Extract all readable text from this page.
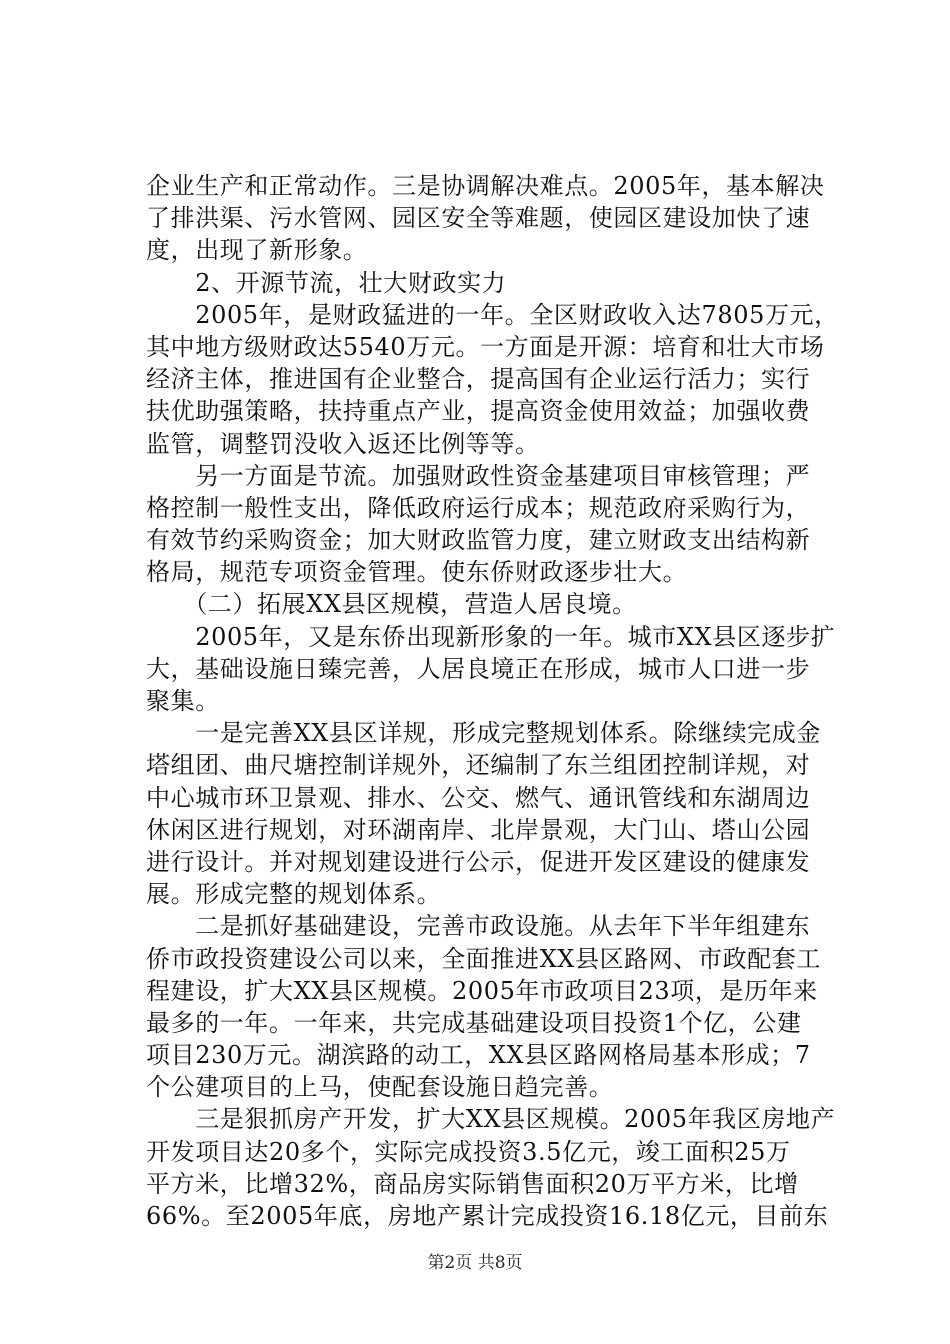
企业生产和正常动作。三是协调解决难点。2005年，基本解决
了排洪渠、污水管网、园区安全等难题，使园区建设加快了速
度，出现了新形象。
　　2、开源节流，壮大财政实力
　　2005年，是财政猛进的一年。全区财政收入达7805万元，
其中地方级财政达5540万元。一方面是开源：培育和壮大市场
经济主体，推进国有企业整合，提高国有企业运行活力；实行
扶优助强策略，扶持重点产业，提高资金使用效益；加强收费
监管，调整罚没收入返还比例等等。
　　另一方面是节流。加强财政性资金基建项目审核管理；严
格控制一般性支出，降低政府运行成本；规范政府采购行为，
有效节约采购资金；加大财政监管力度，建立财政支出结构新
格局，规范专项资金管理。使东侨财政逐步壮大。
　　（二）拓展XX县区规模，营造人居良境。
　　2005年，又是东侨出现新形象的一年。城市XX县区逐步扩
大，基础设施日臻完善，人居良境正在形成，城市人口进一步
聚集。
　　一是完善XX县区详规，形成完整规划体系。除继续完成金
塔组团、曲尺塘控制详规外，还编制了东兰组团控制详规，对
中心城市环卫景观、排水、公交、燃气、通讯管线和东湖周边
休闲区进行规划，对环湖南岸、北岸景观，大门山、塔山公园
进行设计。并对规划建设进行公示，促进开发区建设的健康发
展。形成完整的规划体系。
　　二是抓好基础建设，完善市政设施。从去年下半年组建东
侨市政投资建设公司以来，全面推进XX县区路网、市政配套工
程建设，扩大XX县区规模。2005年市政项目23项，是历年来
最多的一年。一年来，共完成基础建设项目投资1个亿，公建
项目230万元。湖滨路的动工，XX县区路网格局基本形成；7
个公建项目的上马，使配套设施日趋完善。
　　三是狠抓房产开发，扩大XX县区规模。2005年我区房地产
开发项目达20多个，实际完成投资3.5亿元，竣工面积25万
平方米，比增32%，商品房实际销售面积20万平方米，比增
66%。至2005年底，房地产累计完成投资16.18亿元，目前东
第2页 共8页
